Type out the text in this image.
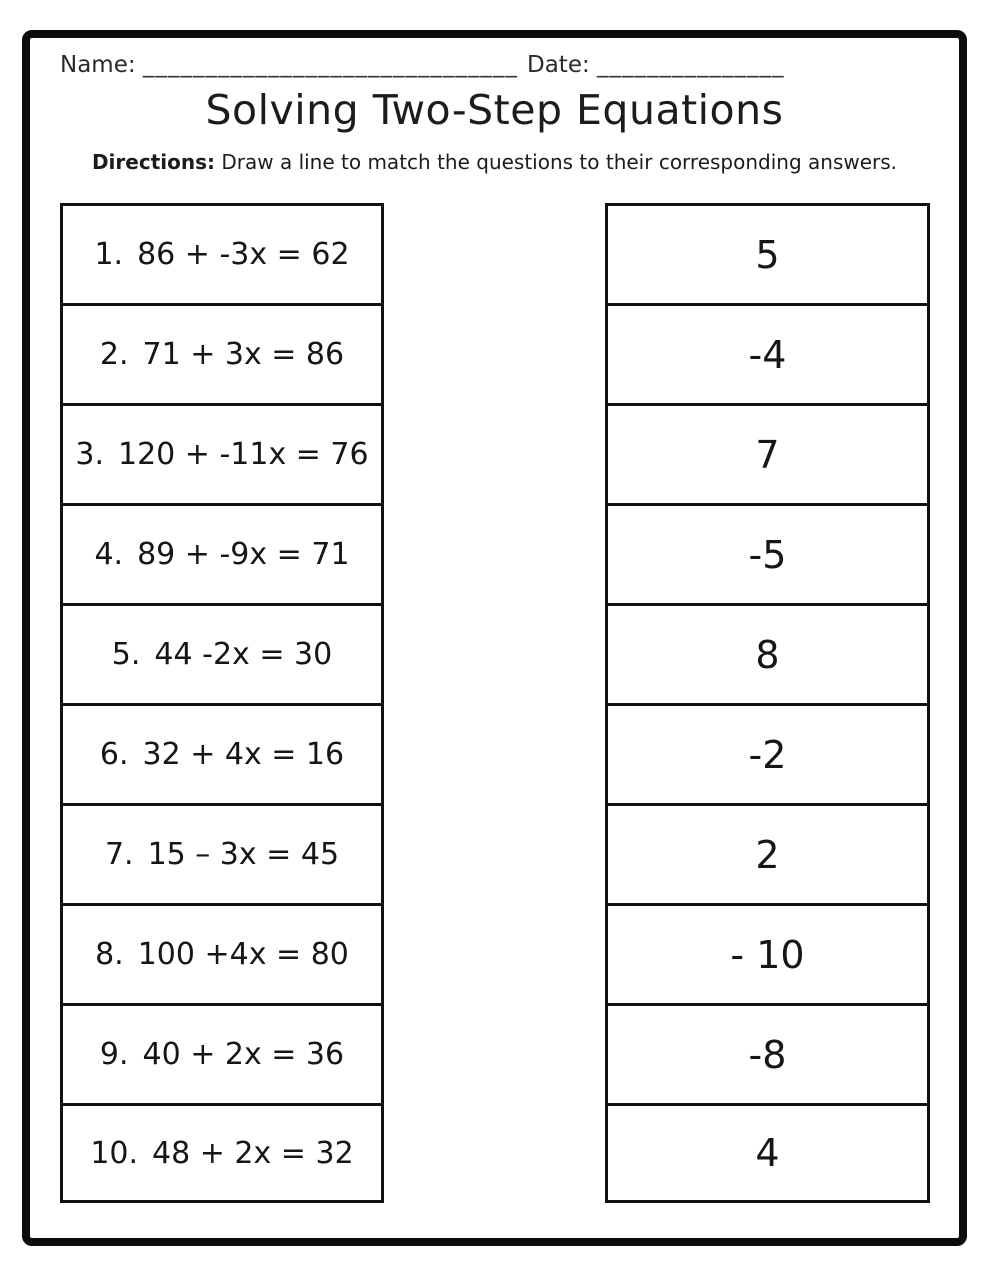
Name: ______________________________ Date: _______________
Solving Two-Step Equations

Directions: Draw a line to match the questions to their corresponding answers.

1. 86 + -3x = 62
2. 71 + 3x = 86
3. 120 + -11x = 76
4. 89 + -9x = 71
5. 44 -2x = 30
6. 32 + 4x = 16
7. 15 – 3x = 45
8. 100 +4x = 80
9. 40 + 2x = 36
10. 48 + 2x = 32
5
-4
7
-5
8
-2
2
- 10
-8
4
